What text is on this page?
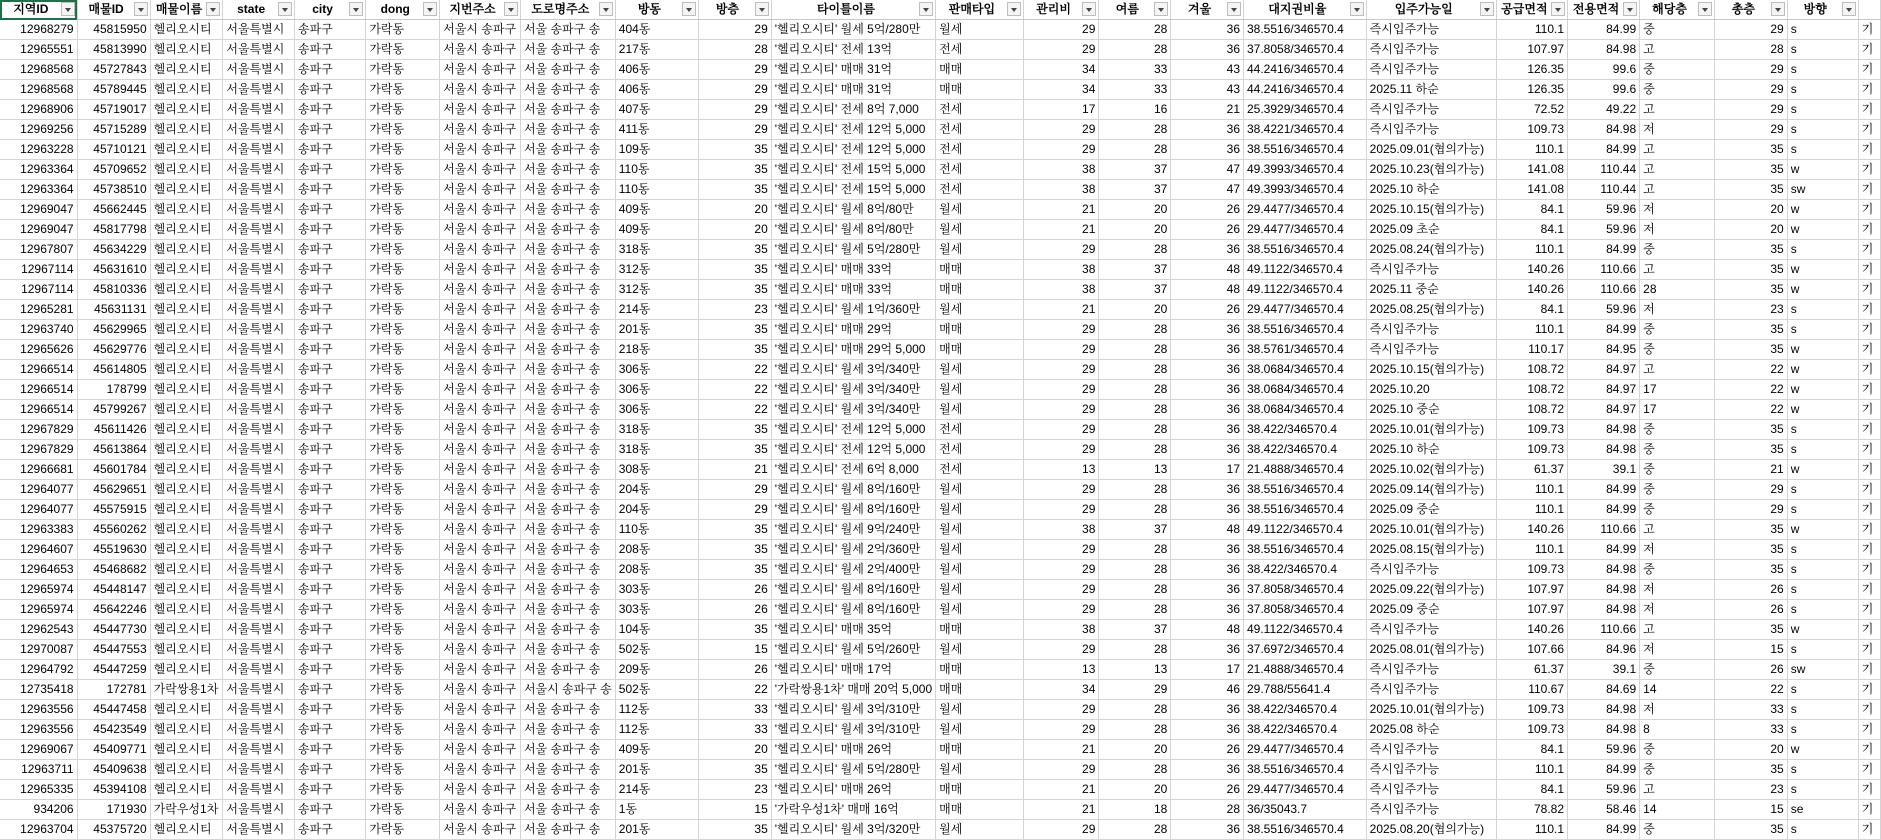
지역ID	매물ID	매물이름	state	city	dong	지번주소	도로명주소	방동	방층	타이틀이름	판매타입	관리비	여름	겨울	대지권비율	입주가능일	공급면적	전용면적	해당층	총층	방향

12968279	45815950	헬리오시티	서울특별시	송파구	가락동	서울시 송파구	서울 송파구 송	404동	29	'헬리오시티' 월세 5억/280만	월세	29	28	36	38.5516/346570.4	즉시입주가능	110.1	84.99	중	29	s	기
12965551	45813990	헬리오시티	서울특별시	송파구	가락동	서울시 송파구	서울 송파구 송	217동	28	'헬리오시티' 전세 13억	전세	29	28	36	37.8058/346570.4	즉시입주가능	107.97	84.98	고	28	s	기
12968568	45727843	헬리오시티	서울특별시	송파구	가락동	서울시 송파구	서울 송파구 송	406동	29	'헬리오시티' 매매 31억	매매	34	33	43	44.2416/346570.4	즉시입주가능	126.35	99.6	중	29	s	기
12968568	45789445	헬리오시티	서울특별시	송파구	가락동	서울시 송파구	서울 송파구 송	406동	29	'헬리오시티' 매매 31억	매매	34	33	43	44.2416/346570.4	2025.11 하순	126.35	99.6	중	29	s	기
12968906	45719017	헬리오시티	서울특별시	송파구	가락동	서울시 송파구	서울 송파구 송	407동	29	'헬리오시티' 전세 8억 7,000	전세	17	16	21	25.3929/346570.4	즉시입주가능	72.52	49.22	고	29	s	기
12969256	45715289	헬리오시티	서울특별시	송파구	가락동	서울시 송파구	서울 송파구 송	411동	29	'헬리오시티' 전세 12억 5,000	전세	29	28	36	38.4221/346570.4	즉시입주가능	109.73	84.98	저	29	s	기
12963228	45710121	헬리오시티	서울특별시	송파구	가락동	서울시 송파구	서울 송파구 송	109동	35	'헬리오시티' 전세 12억 5,000	전세	29	28	36	38.5516/346570.4	2025.09.01(협의가능)	110.1	84.99	고	35	s	기
12963364	45709652	헬리오시티	서울특별시	송파구	가락동	서울시 송파구	서울 송파구 송	110동	35	'헬리오시티' 전세 15억 5,000	전세	38	37	47	49.3993/346570.4	2025.10.23(협의가능)	141.08	110.44	고	35	w	기
12963364	45738510	헬리오시티	서울특별시	송파구	가락동	서울시 송파구	서울 송파구 송	110동	35	'헬리오시티' 전세 15억 5,000	전세	38	37	47	49.3993/346570.4	2025.10 하순	141.08	110.44	고	35	sw	기
12969047	45662445	헬리오시티	서울특별시	송파구	가락동	서울시 송파구	서울 송파구 송	409동	20	'헬리오시티' 월세 8억/80만	월세	21	20	26	29.4477/346570.4	2025.10.15(협의가능)	84.1	59.96	저	20	w	기
12969047	45817798	헬리오시티	서울특별시	송파구	가락동	서울시 송파구	서울 송파구 송	409동	20	'헬리오시티' 월세 8억/80만	월세	21	20	26	29.4477/346570.4	2025.09 초순	84.1	59.96	저	20	w	기
12967807	45634229	헬리오시티	서울특별시	송파구	가락동	서울시 송파구	서울 송파구 송	318동	35	'헬리오시티' 월세 5억/280만	월세	29	28	36	38.5516/346570.4	2025.08.24(협의가능)	110.1	84.99	중	35	s	기
12967114	45631610	헬리오시티	서울특별시	송파구	가락동	서울시 송파구	서울 송파구 송	312동	35	'헬리오시티' 매매 33억	매매	38	37	48	49.1122/346570.4	즉시입주가능	140.26	110.66	고	35	w	기
12967114	45810336	헬리오시티	서울특별시	송파구	가락동	서울시 송파구	서울 송파구 송	312동	35	'헬리오시티' 매매 33억	매매	38	37	48	49.1122/346570.4	2025.11 중순	140.26	110.66	28	35	w	기
12965281	45631131	헬리오시티	서울특별시	송파구	가락동	서울시 송파구	서울 송파구 송	214동	23	'헬리오시티' 월세 1억/360만	월세	21	20	26	29.4477/346570.4	2025.08.25(협의가능)	84.1	59.96	저	23	s	기
12963740	45629965	헬리오시티	서울특별시	송파구	가락동	서울시 송파구	서울 송파구 송	201동	35	'헬리오시티' 매매 29억	매매	29	28	36	38.5516/346570.4	즉시입주가능	110.1	84.99	중	35	s	기
12965626	45629776	헬리오시티	서울특별시	송파구	가락동	서울시 송파구	서울 송파구 송	218동	35	'헬리오시티' 매매 29억 5,000	매매	29	28	36	38.5761/346570.4	즉시입주가능	110.17	84.95	중	35	w	기
12966514	45614805	헬리오시티	서울특별시	송파구	가락동	서울시 송파구	서울 송파구 송	306동	22	'헬리오시티' 월세 3억/340만	월세	29	28	36	38.0684/346570.4	2025.10.15(협의가능)	108.72	84.97	고	22	w	기
12966514	178799	헬리오시티	서울특별시	송파구	가락동	서울시 송파구	서울 송파구 송	306동	22	'헬리오시티' 월세 3억/340만	월세	29	28	36	38.0684/346570.4	2025.10.20	108.72	84.97	17	22	w	기
12966514	45799267	헬리오시티	서울특별시	송파구	가락동	서울시 송파구	서울 송파구 송	306동	22	'헬리오시티' 월세 3억/340만	월세	29	28	36	38.0684/346570.4	2025.10 중순	108.72	84.97	17	22	w	기
12967829	45611426	헬리오시티	서울특별시	송파구	가락동	서울시 송파구	서울 송파구 송	318동	35	'헬리오시티' 전세 12억 5,000	전세	29	28	36	38.422/346570.4	2025.10.01(협의가능)	109.73	84.98	중	35	s	기
12967829	45613864	헬리오시티	서울특별시	송파구	가락동	서울시 송파구	서울 송파구 송	318동	35	'헬리오시티' 전세 12억 5,000	전세	29	28	36	38.422/346570.4	2025.10 하순	109.73	84.98	중	35	s	기
12966681	45601784	헬리오시티	서울특별시	송파구	가락동	서울시 송파구	서울 송파구 송	308동	21	'헬리오시티' 전세 6억 8,000	전세	13	13	17	21.4888/346570.4	2025.10.02(협의가능)	61.37	39.1	중	21	w	기
12964077	45629651	헬리오시티	서울특별시	송파구	가락동	서울시 송파구	서울 송파구 송	204동	29	'헬리오시티' 월세 8억/160만	월세	29	28	36	38.5516/346570.4	2025.09.14(협의가능)	110.1	84.99	중	29	s	기
12964077	45575915	헬리오시티	서울특별시	송파구	가락동	서울시 송파구	서울 송파구 송	204동	29	'헬리오시티' 월세 8억/160만	월세	29	28	36	38.5516/346570.4	2025.09 중순	110.1	84.99	중	29	s	기
12963383	45560262	헬리오시티	서울특별시	송파구	가락동	서울시 송파구	서울 송파구 송	110동	35	'헬리오시티' 월세 9억/240만	월세	38	37	48	49.1122/346570.4	2025.10.01(협의가능)	140.26	110.66	고	35	w	기
12964607	45519630	헬리오시티	서울특별시	송파구	가락동	서울시 송파구	서울 송파구 송	208동	35	'헬리오시티' 월세 2억/360만	월세	29	28	36	38.5516/346570.4	2025.08.15(협의가능)	110.1	84.99	저	35	s	기
12964653	45468682	헬리오시티	서울특별시	송파구	가락동	서울시 송파구	서울 송파구 송	208동	35	'헬리오시티' 월세 2억/400만	월세	29	28	36	38.422/346570.4	즉시입주가능	109.73	84.98	중	35	s	기
12965974	45448147	헬리오시티	서울특별시	송파구	가락동	서울시 송파구	서울 송파구 송	303동	26	'헬리오시티' 월세 8억/160만	월세	29	28	36	37.8058/346570.4	2025.09.22(협의가능)	107.97	84.98	저	26	s	기
12965974	45642246	헬리오시티	서울특별시	송파구	가락동	서울시 송파구	서울 송파구 송	303동	26	'헬리오시티' 월세 8억/160만	월세	29	28	36	37.8058/346570.4	2025.09 중순	107.97	84.98	저	26	s	기
12962543	45447730	헬리오시티	서울특별시	송파구	가락동	서울시 송파구	서울 송파구 송	104동	35	'헬리오시티' 매매 35억	매매	38	37	48	49.1122/346570.4	즉시입주가능	140.26	110.66	고	35	w	기
12970087	45447553	헬리오시티	서울특별시	송파구	가락동	서울시 송파구	서울 송파구 송	502동	15	'헬리오시티' 월세 5억/260만	월세	29	28	36	37.6972/346570.4	2025.08.01(협의가능)	107.66	84.96	저	15	s	기
12964792	45447259	헬리오시티	서울특별시	송파구	가락동	서울시 송파구	서울 송파구 송	209동	26	'헬리오시티' 매매 17억	매매	13	13	17	21.4888/346570.4	즉시입주가능	61.37	39.1	중	26	sw	기
12735418	172781	가락쌍용1차	서울특별시	송파구	가락동	서울시 송파구	서울시 송파구 송	502동	22	'가락쌍용1차' 매매 20억 5,000	매매	34	29	46	29.788/55641.4	즉시입주가능	110.67	84.69	14	22	s	기
12963556	45447458	헬리오시티	서울특별시	송파구	가락동	서울시 송파구	서울 송파구 송	112동	33	'헬리오시티' 월세 3억/310만	월세	29	28	36	38.422/346570.4	2025.10.01(협의가능)	109.73	84.98	저	33	s	기
12963556	45423549	헬리오시티	서울특별시	송파구	가락동	서울시 송파구	서울 송파구 송	112동	33	'헬리오시티' 월세 3억/310만	월세	29	28	36	38.422/346570.4	2025.08 하순	109.73	84.98	8	33	s	기
12969067	45409771	헬리오시티	서울특별시	송파구	가락동	서울시 송파구	서울 송파구 송	409동	20	'헬리오시티' 매매 26억	매매	21	20	26	29.4477/346570.4	즉시입주가능	84.1	59.96	중	20	w	기
12963711	45409638	헬리오시티	서울특별시	송파구	가락동	서울시 송파구	서울 송파구 송	201동	35	'헬리오시티' 월세 5억/280만	월세	29	28	36	38.5516/346570.4	즉시입주가능	110.1	84.99	중	35	s	기
12965335	45394108	헬리오시티	서울특별시	송파구	가락동	서울시 송파구	서울 송파구 송	214동	23	'헬리오시티' 매매 26억	매매	21	20	26	29.4477/346570.4	즉시입주가능	84.1	59.96	고	23	s	기
934206	171930	가락우성1차	서울특별시	송파구	가락동	서울시 송파구	서울 송파구 송	1동	15	'가락우성1차' 매매 16억	매매	21	18	28	36/35043.7	즉시입주가능	78.82	58.46	14	15	se	기
12963704	45375720	헬리오시티	서울특별시	송파구	가락동	서울시 송파구	서울 송파구 송	201동	35	'헬리오시티' 월세 3억/320만	월세	29	28	36	38.5516/346570.4	2025.08.20(협의가능)	110.1	84.99	중	35	s	기
